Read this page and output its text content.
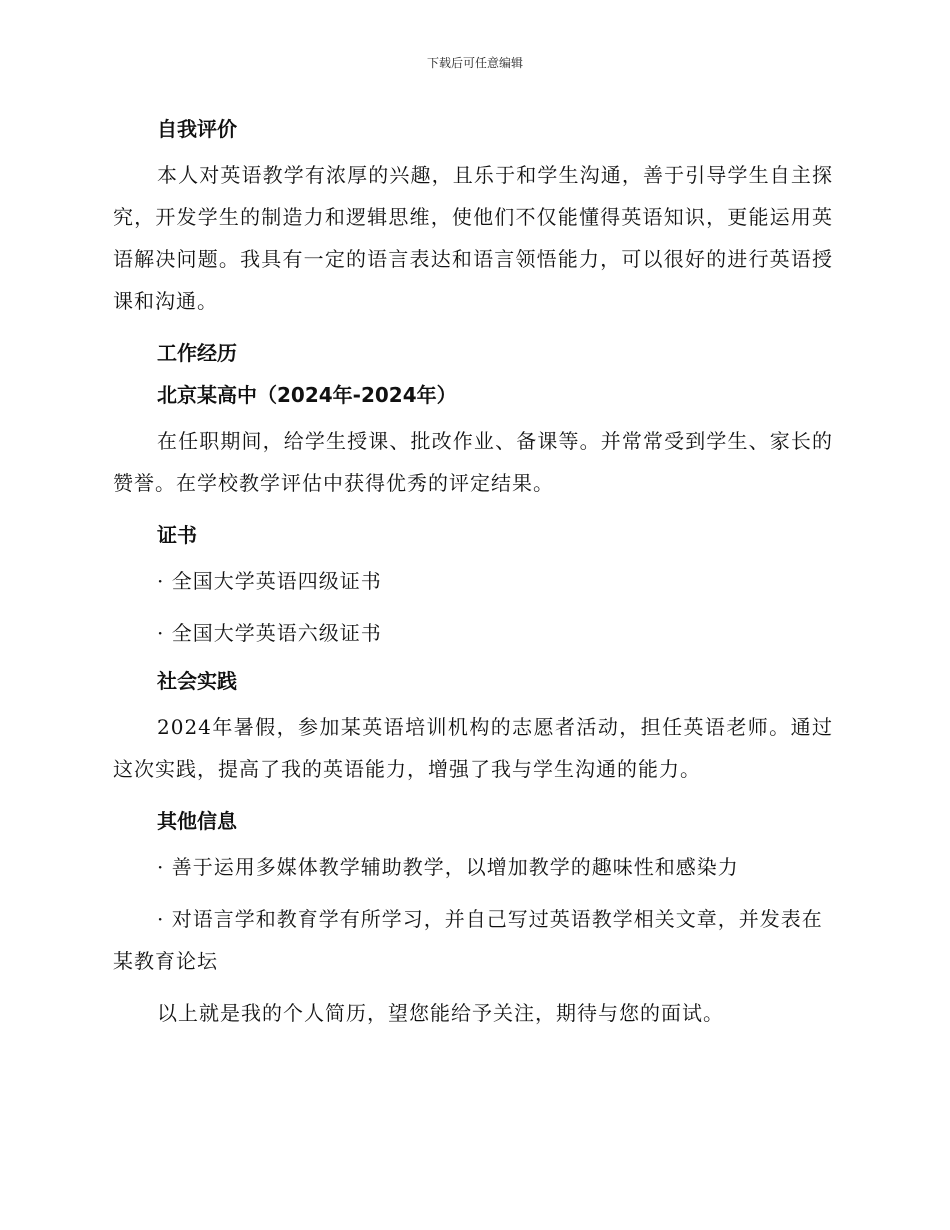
下载后可任意编辑
自我评价

本人对英语教学有浓厚的兴趣，且乐于和学生沟通，善于引导学生自主探究，开发学生的制造力和逻辑思维，使他们不仅能懂得英语知识，更能运用英语解决问题。我具有一定的语言表达和语言领悟能力，可以很好的进行英语授课和沟通。

工作经历
北京某高中（2024年-2024年）

在任职期间，给学生授课、批改作业、备课等。并常常受到学生、家长的赞誉。在学校教学评估中获得优秀的评定结果。

证书

· 全国大学英语四级证书

· 全国大学英语六级证书

社会实践

2024年暑假，参加某英语培训机构的志愿者活动，担任英语老师。通过这次实践，提高了我的英语能力，增强了我与学生沟通的能力。

其他信息

· 善于运用多媒体教学辅助教学，以增加教学的趣味性和感染力

· 对语言学和教育学有所学习，并自己写过英语教学相关文章，并发表在某教育论坛

以上就是我的个人简历，望您能给予关注，期待与您的面试。
